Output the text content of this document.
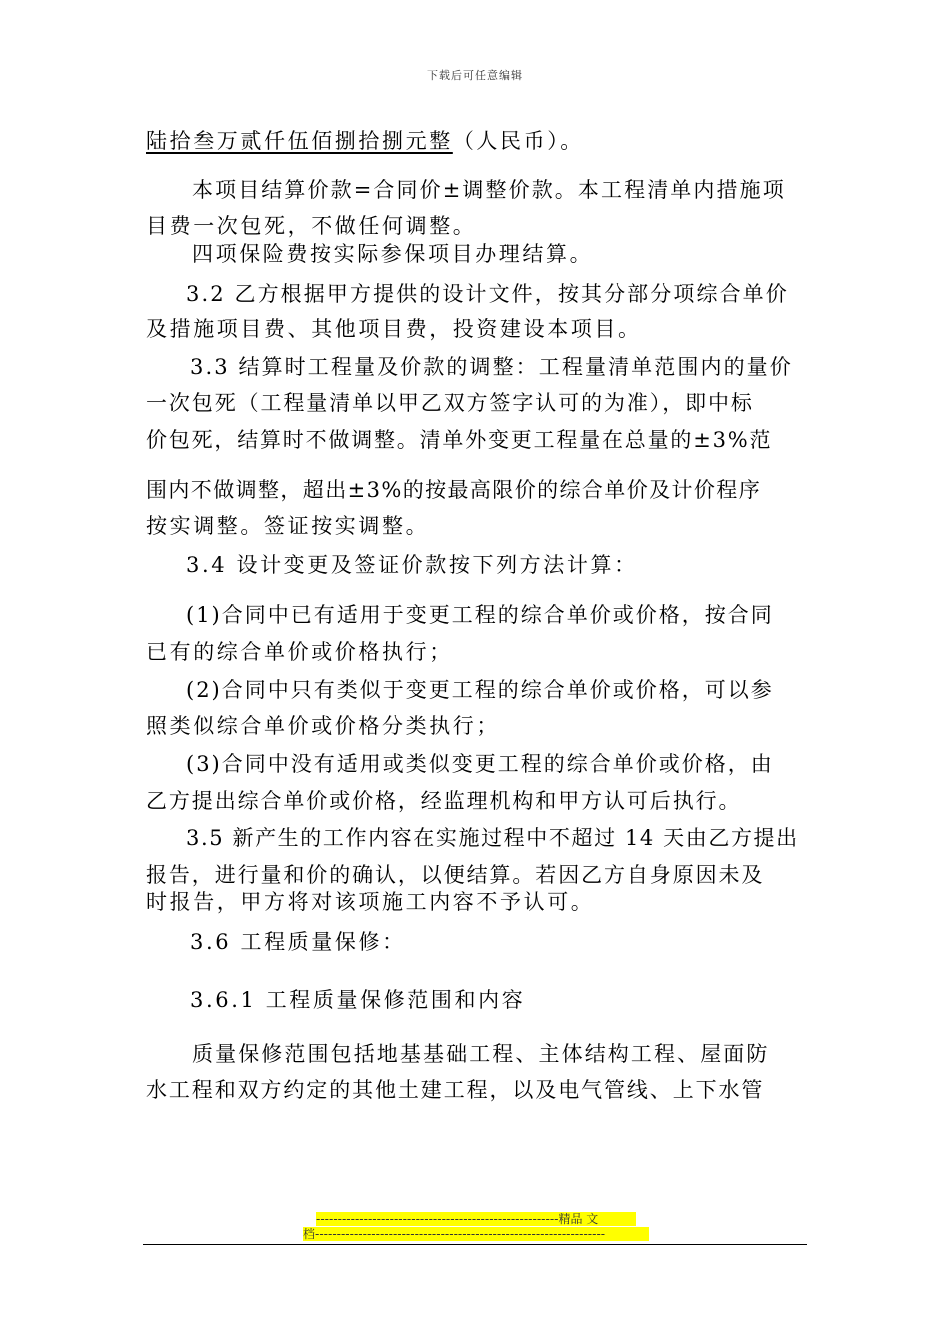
下载后可任意编辑
陆拾叁万贰仟伍佰捌拾捌元整（人民币）。
本项目结算价款=合同价±调整价款。本工程清单内措施项
目费一次包死，不做任何调整。
四项保险费按实际参保项目办理结算。
3.2 乙方根据甲方提供的设计文件，按其分部分项综合单价
及措施项目费、其他项目费，投资建设本项目。
3.3 结算时工程量及价款的调整：工程量清单范围内的量价
一次包死（工程量清单以甲乙双方签字认可的为准），即中标
价包死，结算时不做调整。清单外变更工程量在总量的±3%范
围内不做调整，超出±3%的按最高限价的综合单价及计价程序
按实调整。签证按实调整。
3.4 设计变更及签证价款按下列方法计算：
(1)合同中已有适用于变更工程的综合单价或价格，按合同
已有的综合单价或价格执行；
(2)合同中只有类似于变更工程的综合单价或价格，可以参
照类似综合单价或价格分类执行；
(3)合同中没有适用或类似变更工程的综合单价或价格，由
乙方提出综合单价或价格，经监理机构和甲方认可后执行。
3.5 新产生的工作内容在实施过程中不超过 14 天由乙方提出
报告，进行量和价的确认，以便结算。若因乙方自身原因未及
时报告，甲方将对该项施工内容不予认可。
3.6 工程质量保修：
3.6.1 工程质量保修范围和内容
质量保修范围包括地基基础工程、主体结构工程、屋面防
水工程和双方约定的其他土建工程，以及电气管线、上下水管
--------------------------------------------------------精品 文
档-------------------------------------------------------------------
